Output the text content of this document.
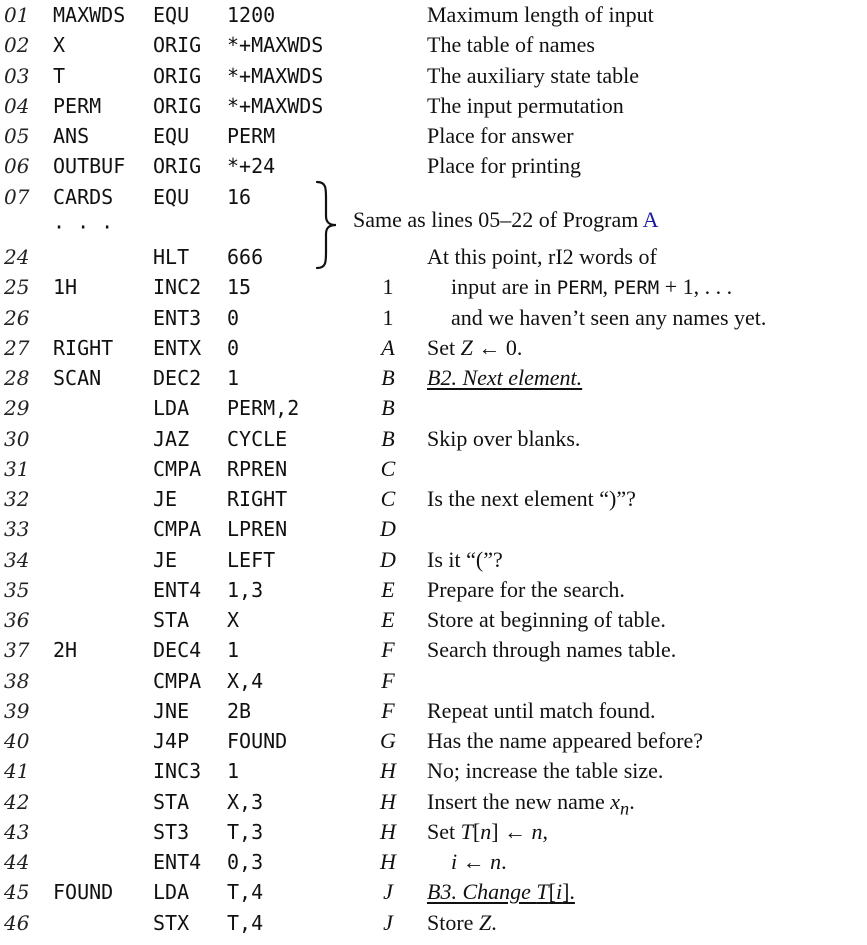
01 MAXWDS EQU 1200	Maximum length of input
02 X	ORIG *+MAXWDS	The table of names
03 T	ORIG *+MAXWDS	The auxiliary state table
04 PERM	ORIG *+MAXWDS	The input permutation
05 ANS	EQU PERM	Place for answer
06 OUTBUF ORIG *+24	Place for printing
07 CARDS EQU 16
· · ·
24	HLT 666	At this point, rI2 words of
25 1H	INC2 15	1	input are in PERM, PERM + 1, . . .
26	ENT3 0	1	and we haven’t seen any names yet.
27 RIGHT ENTX 0	A	Set Z ← 0.
28 SCAN	DEC2 1	B	B2. Next element.
29	LDA PERM,2	B
30	JAZ CYCLE	B	Skip over blanks.
31	CMPA RPREN	C
32	JE RIGHT	C	Is the next element “)”?
33	CMPA LPREN	D
34	JE LEFT	D	Is it “(”?
35	ENT4 1,3	E	Prepare for the search.
36	STA X	E	Store at beginning of table.
37 2H	DEC4 1	F	Search through names table.
38	CMPA X,4	F
39	JNE 2B	F	Repeat until match found.
40	J4P FOUND	G	Has the name appeared before?
41	INC3 1	H	No; increase the table size.
42	STA X,3	H	Insert the new name $x_n$.
43	ST3 T,3	H	Set T[n] ← n,
44	ENT4 0,3	H	i ← n.
45 FOUND LDA T,4	J	B3. Change T[i].
46	STX T,4	J	Store Z.
Same as lines 05–22 of Program A
